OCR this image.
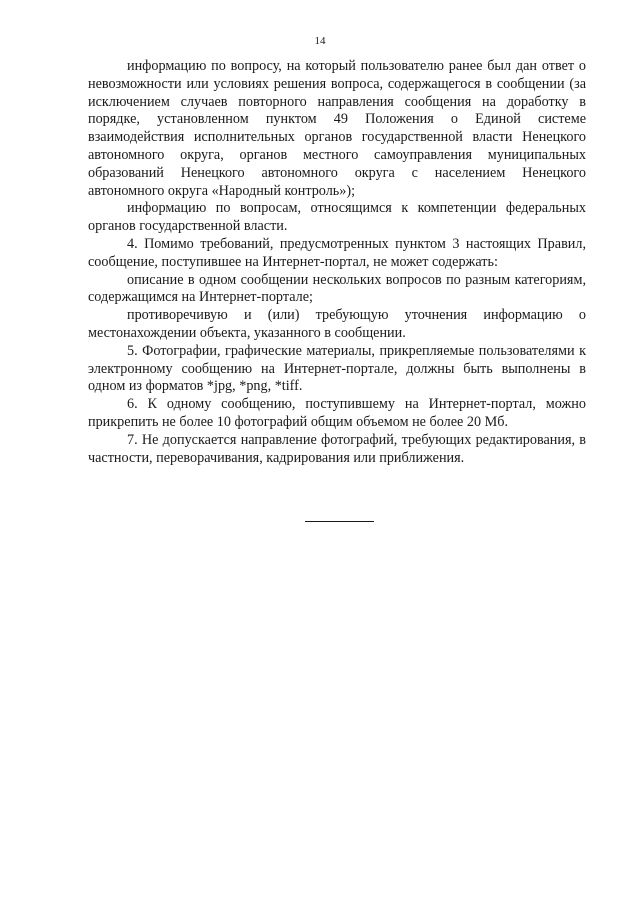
14

информацию по вопросу, на который пользователю ранее был дан ответ о невозможности или условиях решения вопроса, содержащегося в сообщении (за исключением случаев повторного направления сообщения на доработку в порядке, установленном пунктом 49 Положения о Единой системе взаимодействия исполнительных органов государственной власти Ненецкого автономного округа, органов местного самоуправления муниципальных образований Ненецкого автономного округа с населением Ненецкого автономного округа «Народный контроль»);

информацию по вопросам, относящимся к компетенции федеральных органов государственной власти.

4. Помимо требований, предусмотренных пунктом 3 настоящих Правил, сообщение, поступившее на Интернет-портал, не может содержать:

описание в одном сообщении нескольких вопросов по разным категориям, содержащимся на Интернет-портале;

противоречивую и (или) требующую уточнения информацию о местонахождении объекта, указанного в сообщении.

5. Фотографии, графические материалы, прикрепляемые пользователями к электронному сообщению на Интернет-портале, должны быть выполнены в одном из форматов *jpg, *png, *tiff.

6. К одному сообщению, поступившему на Интернет-портал, можно прикрепить не более 10 фотографий общим объемом не более 20 Мб.

7. Не допускается направление фотографий, требующих редактирования, в частности, переворачивания, кадрирования или приближения.
